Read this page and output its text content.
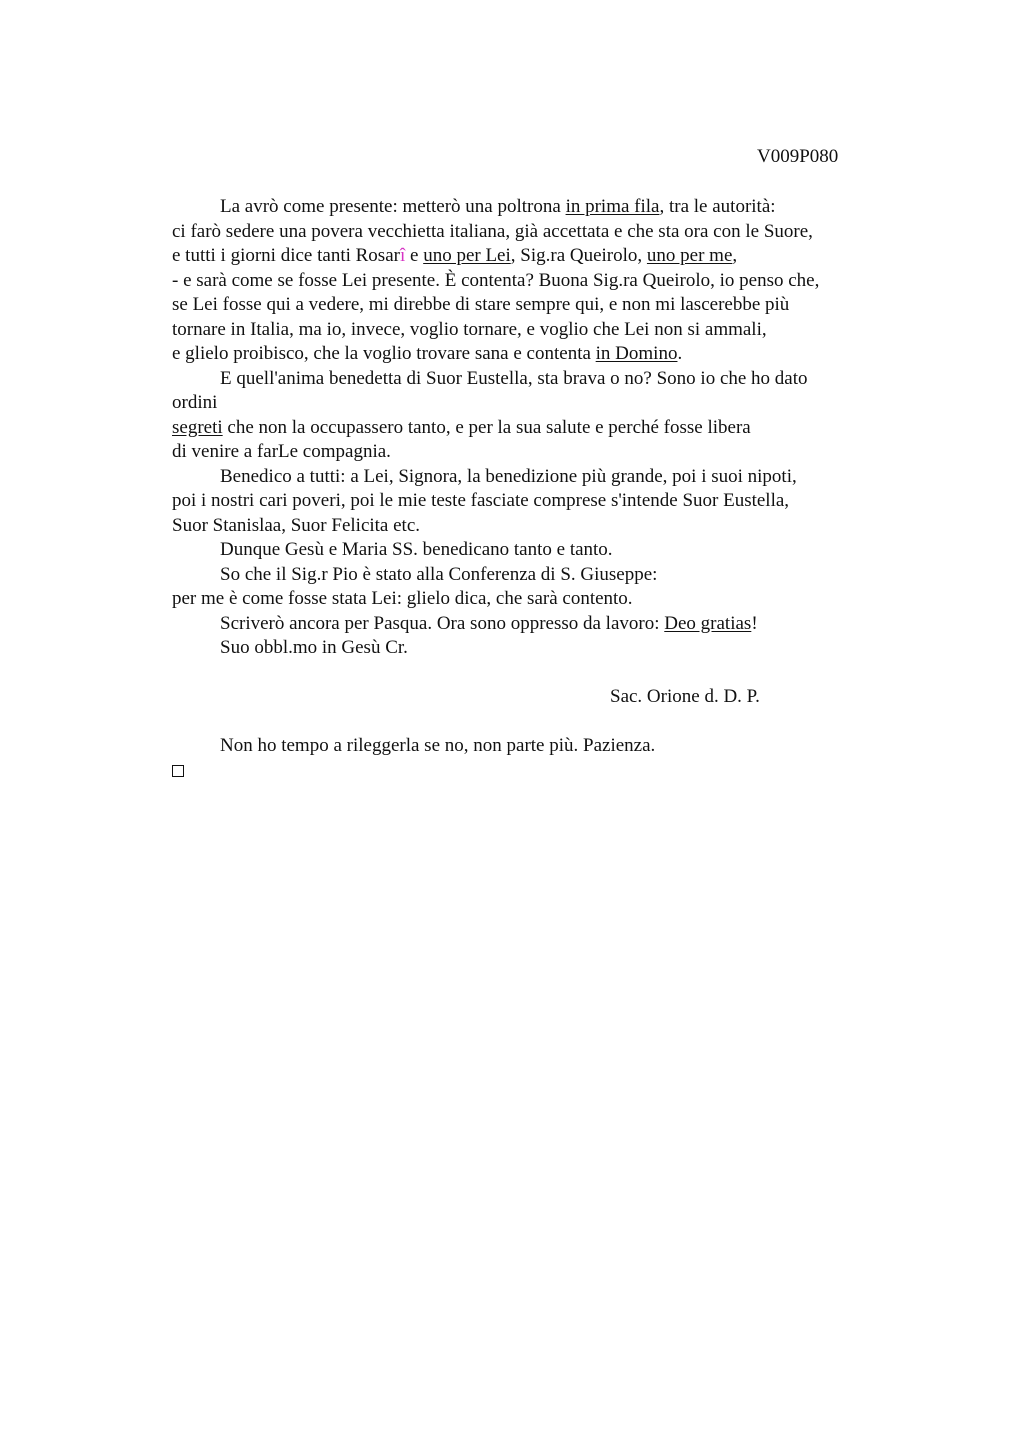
V009P080
La avrò come presente: metterò una poltrona in prima fila, tra le autorità:
ci farò sedere una povera vecchietta italiana, già accettata e che sta ora con le Suore,
e tutti i giorni dice tanti Rosarî e uno per Lei, Sig.ra Queirolo, uno per me,
- e sarà come se fosse Lei presente. È contenta? Buona Sig.ra Queirolo, io penso che,
se Lei fosse qui a vedere, mi direbbe di stare sempre qui, e non mi lascerebbe più
tornare in Italia, ma io, invece, voglio tornare, e voglio che Lei non si ammali,
e glielo proibisco, che la voglio trovare sana e contenta in Domino.
E quell'anima benedetta di Suor Eustella, sta brava o no? Sono io che ho dato
ordini
segreti che non la occupassero tanto, e per la sua salute e perché fosse libera
di venire a farLe compagnia.
Benedico a tutti: a Lei, Signora, la benedizione più grande, poi i suoi nipoti,
poi i nostri cari poveri, poi le mie teste fasciate comprese s'intende Suor Eustella,
Suor Stanislaa, Suor Felicita etc.
Dunque Gesù e Maria SS. benedicano tanto e tanto.
So che il Sig.r Pio è stato alla Conferenza di S. Giuseppe:
per me è come fosse stata Lei: glielo dica, che sarà contento.
Scriverò ancora per Pasqua. Ora sono oppresso da lavoro: Deo gratias!
Suo obbl.mo in Gesù Cr.
Sac. Orione d. D. P.
Non ho tempo a rileggerla se no, non parte più. Pazienza.
